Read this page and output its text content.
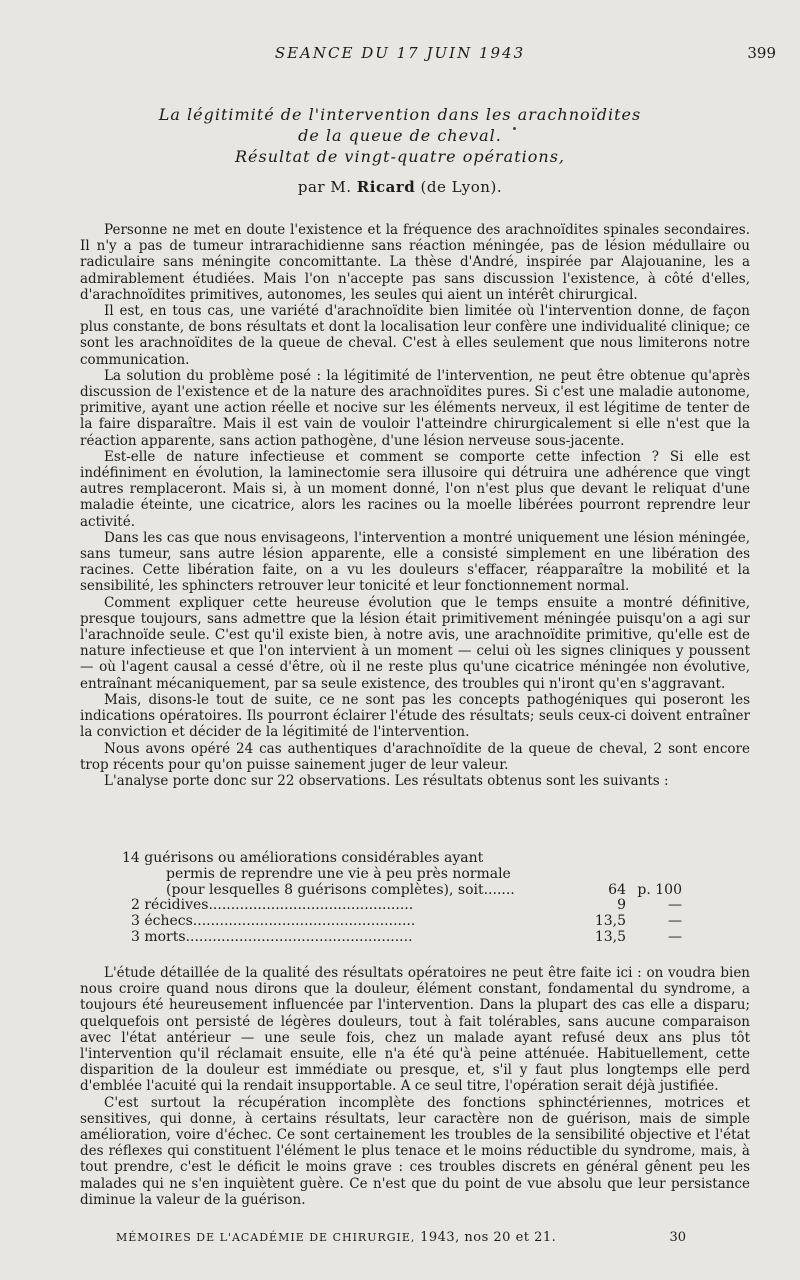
SEANCE DU 17 JUIN 1943	399
La légitimité de l'intervention dans les arachnoïdites
de la queue de cheval.
Résultat de vingt-quatre opérations,
par M. Ricard (de Lyon).

Personne ne met en doute l'existence et la fréquence des arachnoïdites spinales secondaires. Il n'y a pas de tumeur intrarachidienne sans réaction méningée, pas de lésion médullaire ou radiculaire sans méningite concomittante. La thèse d'André, inspirée par Alajouanine, les a admirablement étudiées. Mais l'on n'accepte pas sans discussion l'existence, à côté d'elles, d'arachnoïdites primitives, autonomes, les seules qui aient un intérêt chirurgical.

Il est, en tous cas, une variété d'arachnoïdite bien limitée où l'intervention donne, de façon plus constante, de bons résultats et dont la localisation leur confère une individualité clinique; ce sont les arachnoïdites de la queue de cheval. C'est à elles seulement que nous limiterons notre communication.

La solution du problème posé : la légitimité de l'intervention, ne peut être obtenue qu'après discussion de l'existence et de la nature des arachnoïdites pures. Si c'est une maladie autonome, primitive, ayant une action réelle et nocive sur les éléments nerveux, il est légitime de tenter de la faire disparaître. Mais il est vain de vouloir l'atteindre chirurgicalement si elle n'est que la réaction apparente, sans action pathogène, d'une lésion nerveuse sous-jacente.

Est-elle de nature infectieuse et comment se comporte cette infection ? Si elle est indéfiniment en évolution, la laminectomie sera illusoire qui détruira une adhérence que vingt autres remplaceront. Mais si, à un moment donné, l'on n'est plus que devant le reliquat d'une maladie éteinte, une cicatrice, alors les racines ou la moelle libérées pourront reprendre leur activité.

Dans les cas que nous envisageons, l'intervention a montré uniquement une lésion méningée, sans tumeur, sans autre lésion apparente, elle a consisté simplement en une libération des racines. Cette libération faite, on a vu les douleurs s'effacer, réapparaître la mobilité et la sensibilité, les sphincters retrouver leur tonicité et leur fonctionnement normal.

Comment expliquer cette heureuse évolution que le temps ensuite a montré définitive, presque toujours, sans admettre que la lésion était primitivement méningée puisqu'on a agi sur l'arachnoïde seule. C'est qu'il existe bien, à notre avis, une arachnoïdite primitive, qu'elle est de nature infectieuse et que l'on intervient à un moment — celui où les signes cliniques y poussent — où l'agent causal a cessé d'être, où il ne reste plus qu'une cicatrice méningée non évolutive, entraînant mécaniquement, par sa seule existence, des troubles qui n'iront qu'en s'aggravant.

Mais, disons-le tout de suite, ce ne sont pas les concepts pathogéniques qui poseront les indications opératoires. Ils pourront éclairer l'étude des résultats; seuls ceux-ci doivent entraîner la conviction et décider de la légitimité de l'intervention.

Nous avons opéré 24 cas authentiques d'arachnoïdite de la queue de cheval, 2 sont encore trop récents pour qu'on puisse sainement juger de leur valeur.

L'analyse porte donc sur 22 observations. Les résultats obtenus sont les suivants :

14 guérisons ou améliorations considérables ayant
permis de reprendre une vie à peu près normale
(pour lesquelles 8 guérisons complètes), soit.......	64 p. 100
2 récidives..............................................	9	—
3 échecs..................................................	13,5	—
3 morts...................................................	13,5	—

L'étude détaillée de la qualité des résultats opératoires ne peut être faite ici : on voudra bien nous croire quand nous dirons que la douleur, élément constant, fondamental du syndrome, a toujours été heureusement influencée par l'intervention. Dans la plupart des cas elle a disparu; quelquefois ont persisté de légères douleurs, tout à fait tolérables, sans aucune comparaison avec l'état antérieur — une seule fois, chez un malade ayant refusé deux ans plus tôt l'intervention qu'il réclamait ensuite, elle n'a été qu'à peine atténuée. Habituellement, cette disparition de la douleur est immédiate ou presque, et, s'il y faut plus longtemps elle perd d'emblée l'acuité qui la rendait insupportable. A ce seul titre, l'opération serait déjà justifiée.

C'est surtout la récupération incomplète des fonctions sphinctériennes, motrices et sensitives, qui donne, à certains résultats, leur caractère non de guérison, mais de simple amélioration, voire d'échec. Ce sont certainement les troubles de la sensibilité objective et l'état des réflexes qui constituent l'élément le plus tenace et le moins réductible du syndrome, mais, à tout prendre, c'est le déficit le moins grave : ces troubles discrets en général gênent peu les malades qui ne s'en inquiètent guère. Ce n'est que du point de vue absolu que leur persistance diminue la valeur de la guérison.

MÉMOIRES DE L'ACADÉMIE DE CHIRURGIE, 1943, nos 20 et 21.	30
